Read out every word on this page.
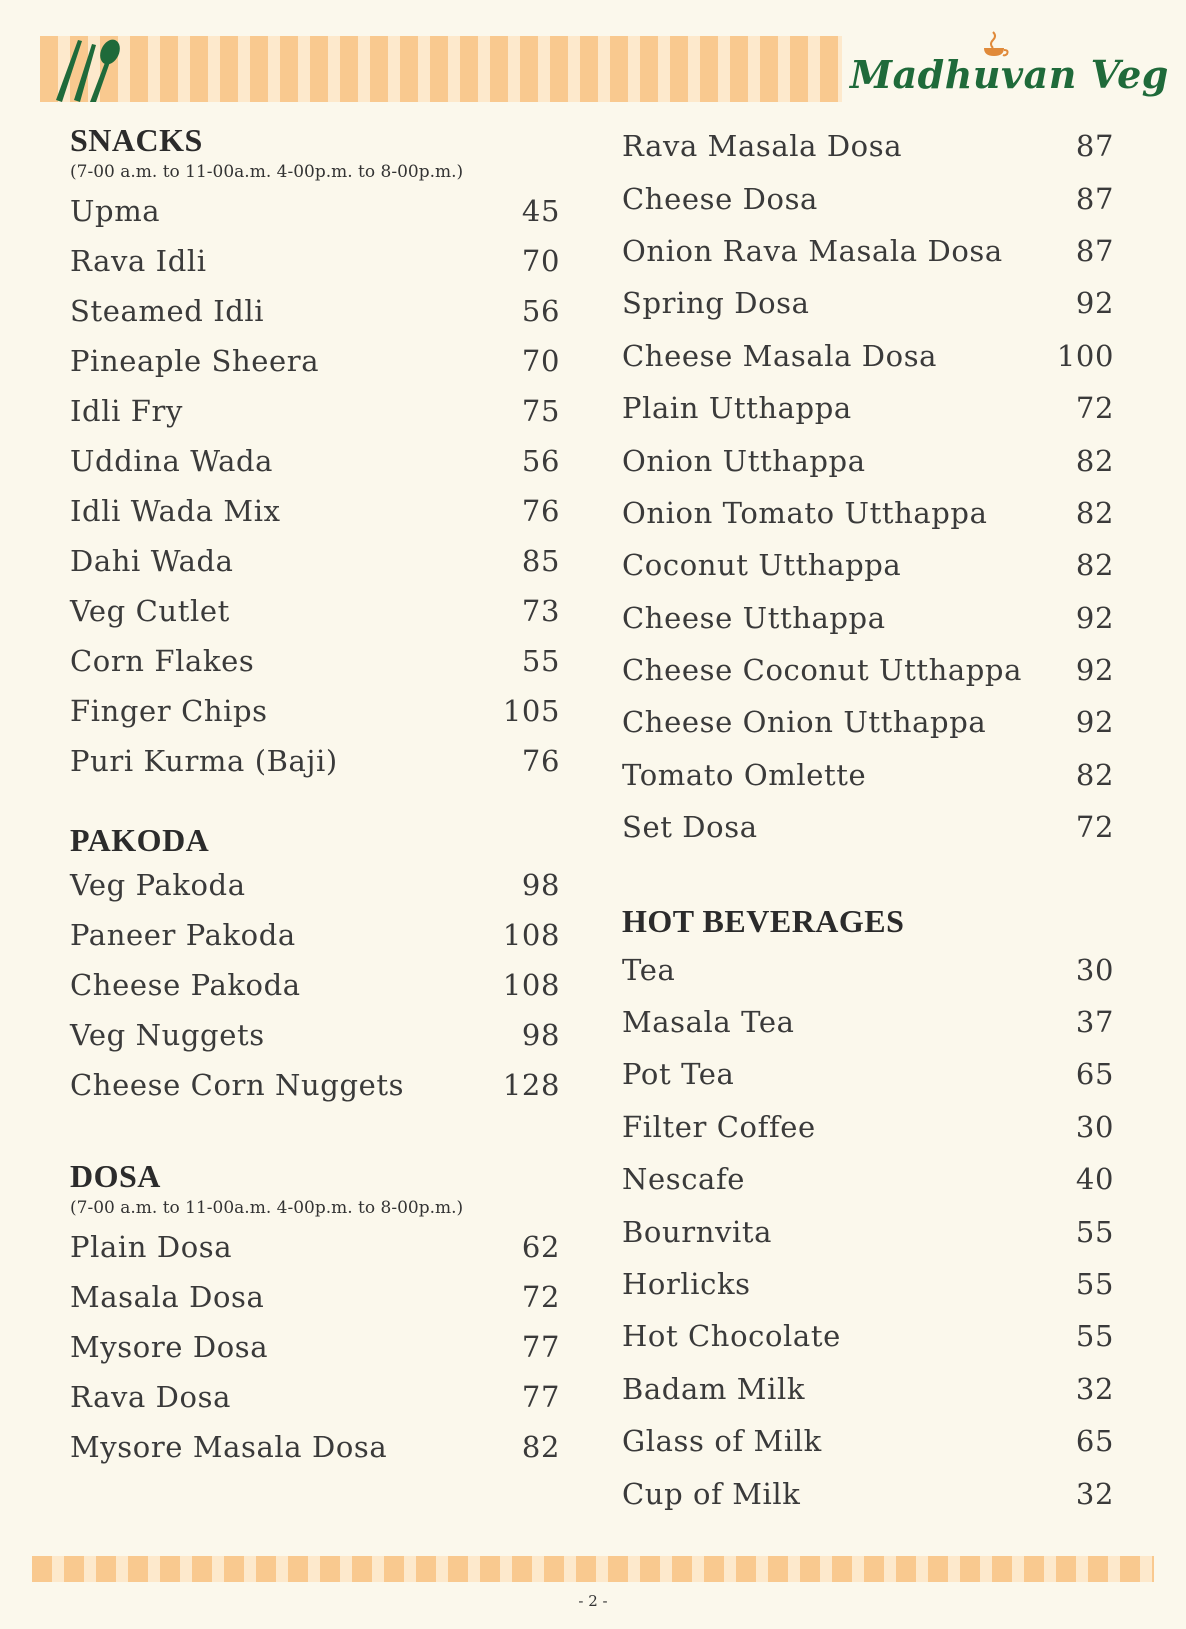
Madhuvan Veg
SNACKS
(7-00 a.m. to 11-00a.m. 4-00p.m. to 8-00p.m.)
Upma	45
Rava Idli	70
Steamed Idli	56
Pineaple Sheera	70
Idli Fry	75
Uddina Wada	56
Idli Wada Mix	76
Dahi Wada	85
Veg Cutlet	73
Corn Flakes	55
Finger Chips	105
Puri Kurma (Baji)	76
PAKODA
Veg Pakoda	98
Paneer Pakoda	108
Cheese Pakoda	108
Veg Nuggets	98
Cheese Corn Nuggets	128
DOSA
(7-00 a.m. to 11-00a.m. 4-00p.m. to 8-00p.m.)
Plain Dosa	62
Masala Dosa	72
Mysore Dosa	77
Rava Dosa	77
Mysore Masala Dosa	82
Rava Masala Dosa	87
Cheese Dosa	87
Onion Rava Masala Dosa	87
Spring Dosa	92
Cheese Masala Dosa	100
Plain Utthappa	72
Onion Utthappa	82
Onion Tomato Utthappa	82
Coconut Utthappa	82
Cheese Utthappa	92
Cheese Coconut Utthappa 92
Cheese Onion Utthappa	92
Tomato Omlette	82
Set Dosa	72
HOT BEVERAGES
Tea	30
Masala Tea	37
Pot Tea	65
Filter Coffee	30
Nescafe	40
Bournvita	55
Horlicks	55
Hot Chocolate	55
Badam Milk	32
Glass of Milk	65
Cup of Milk	32
- 2 -
